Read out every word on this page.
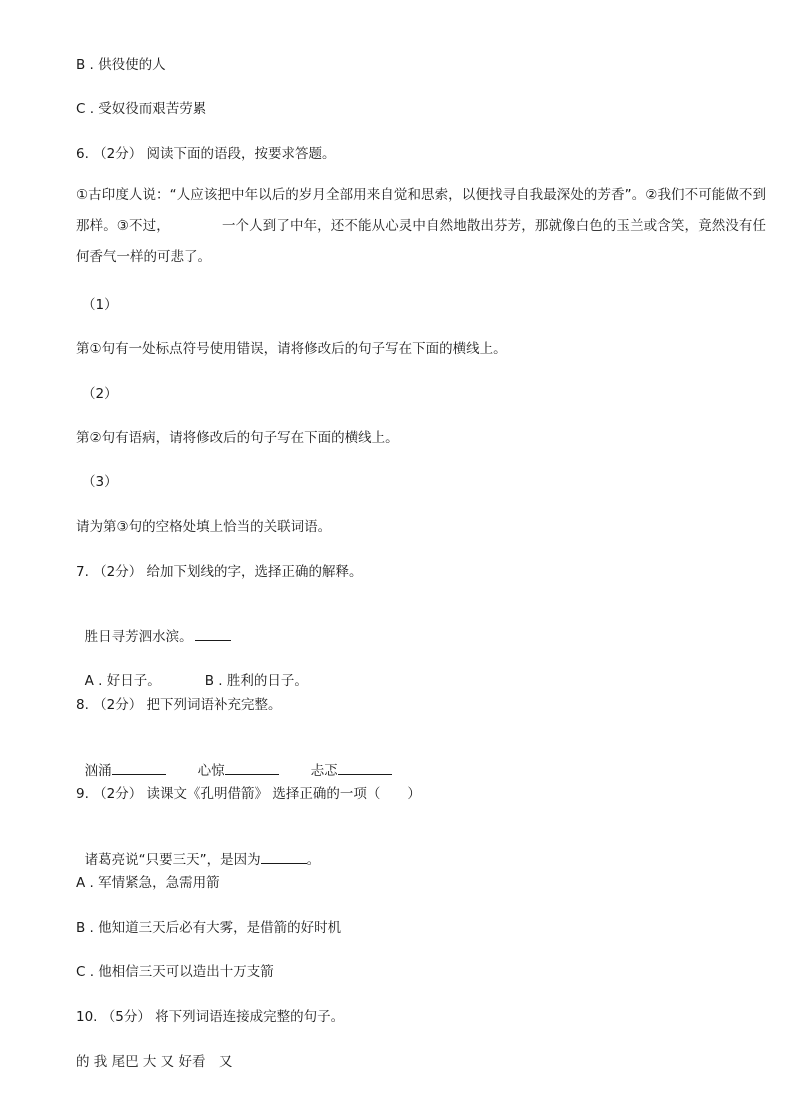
B . 供役使的人
C . 受奴役而艰苦劳累
6. （2分） 阅读下面的语段，按要求答题。
①古印度人说：“人应该把中年以后的岁月全部用来自觉和思索，以便找寻自我最深处的芳香”。②我们不可能做不到那样。③不过，	一个人到了中年，还不能从心灵中自然地散出芬芳，那就像白色的玉兰或含笑，竟然没有任何香气一样的可悲了。
（1）
第①句有一处标点符号使用错误，请将修改后的句子写在下面的横线上。
（2）
第②句有语病，请将修改后的句子写在下面的横线上。
（3）
请为第③句的空格处填上恰当的关联词语。
7. （2分） 给加下划线的字，选择正确的解释。

胜日寻芳泗水滨。

A . 好日子。	B . 胜利的日子。

8. （2分） 把下列词语补充完整。

汹涌	心惊	忐忑

9. （2分） 读课文《孔明借箭》 选择正确的一项（　　）

诸葛亮说“只要三天”，是因为	。

A . 军情紧急，急需用箭
B . 他知道三天后必有大雾，是借箭的好时机
C . 他相信三天可以造出十万支箭
10. （5分） 将下列词语连接成完整的句子。
的 我 尾巴 大 又 好看　又
